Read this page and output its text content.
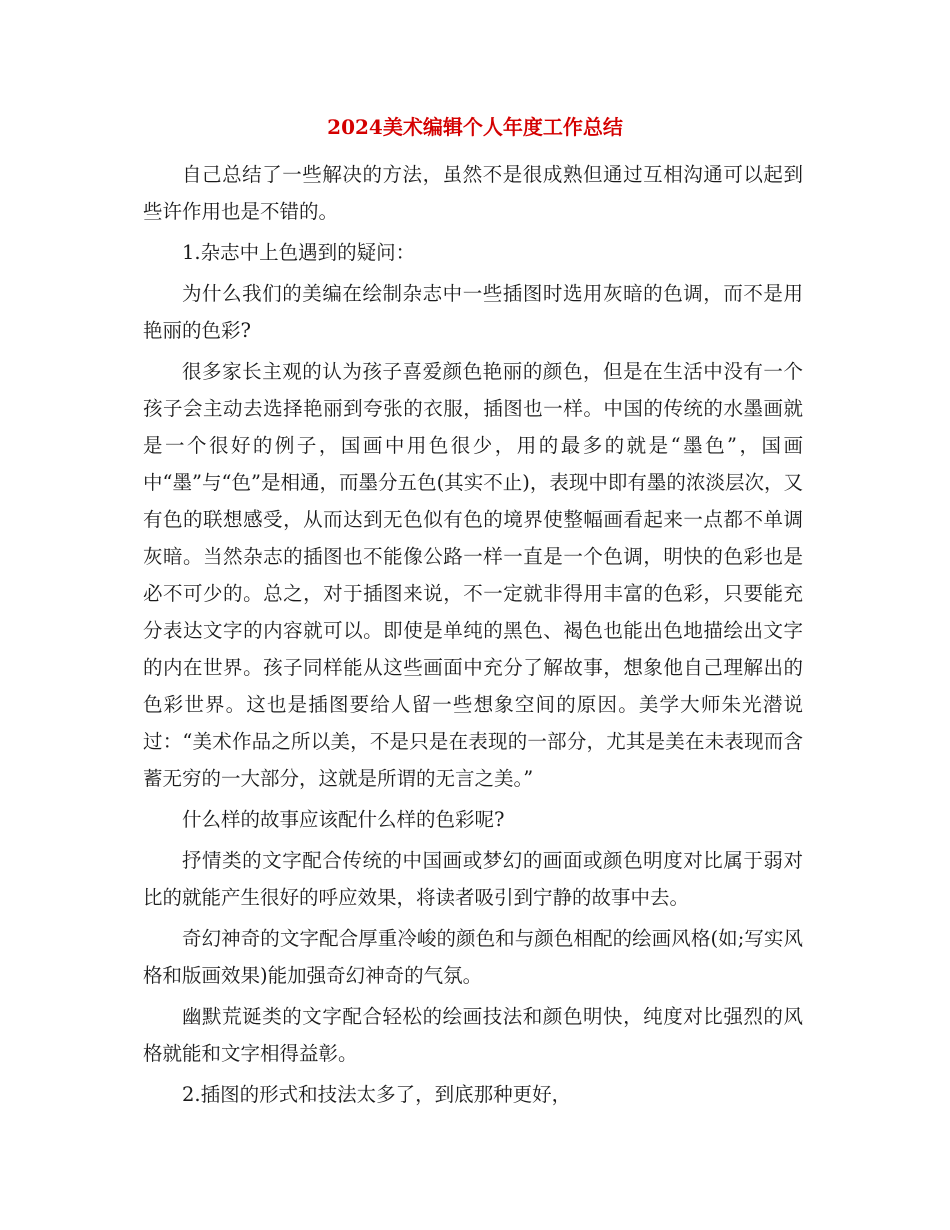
2024美术编辑个人年度工作总结

自己总结了一些解决的方法，虽然不是很成熟但通过互相沟通可以起到些许作用也是不错的。

1.杂志中上色遇到的疑问：

为什么我们的美编在绘制杂志中一些插图时选用灰暗的色调，而不是用艳丽的色彩?

很多家长主观的认为孩子喜爱颜色艳丽的颜色，但是在生活中没有一个孩子会主动去选择艳丽到夸张的衣服，插图也一样。中国的传统的水墨画就是一个很好的例子，国画中用色很少，用的最多的就是“墨色”，国画中“墨”与“色”是相通，而墨分五色(其实不止)，表现中即有墨的浓淡层次，又有色的联想感受，从而达到无色似有色的境界使整幅画看起来一点都不单调灰暗。当然杂志的插图也不能像公路一样一直是一个色调，明快的色彩也是必不可少的。总之，对于插图来说，不一定就非得用丰富的色彩，只要能充分表达文字的内容就可以。即使是单纯的黑色、褐色也能出色地描绘出文字的内在世界。孩子同样能从这些画面中充分了解故事，想象他自己理解出的色彩世界。这也是插图要给人留一些想象空间的原因。美学大师朱光潜说过：“美术作品之所以美，不是只是在表现的一部分，尤其是美在未表现而含蓄无穷的一大部分，这就是所谓的无言之美。”

什么样的故事应该配什么样的色彩呢?

抒情类的文字配合传统的中国画或梦幻的画面或颜色明度对比属于弱对比的就能产生很好的呼应效果，将读者吸引到宁静的故事中去。

奇幻神奇的文字配合厚重冷峻的颜色和与颜色相配的绘画风格(如;写实风格和版画效果)能加强奇幻神奇的气氛。

幽默荒诞类的文字配合轻松的绘画技法和颜色明快，纯度对比强烈的风格就能和文字相得益彰。

2.插图的形式和技法太多了，到底那种更好，
